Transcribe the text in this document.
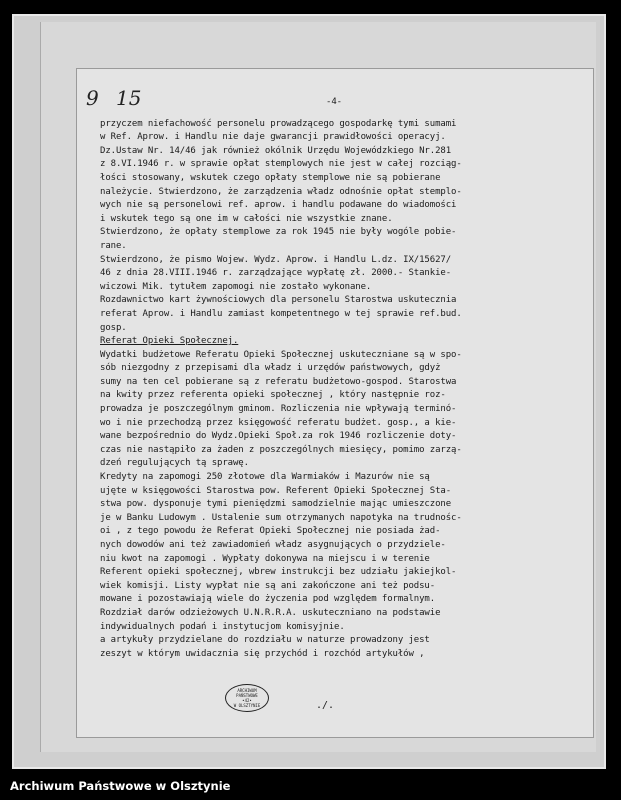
9 15	-4-
przyczem niefachowość personelu prowadzącego gospodarkę tymi sumami
w Ref. Aprow. i Handlu nie daje gwarancji prawidłowości operacyj.
Dz.Ustaw Nr. 14/46 jak również okólnik Urzędu Wojewódzkiego Nr.281
z 8.VI.1946 r. w sprawie opłat stemplowych nie jest w całej rozciąg-
łości stosowany, wskutek czego opłaty stemplowe nie są pobierane
należycie. Stwierdzono, że zarządzenia władz odnośnie opłat stemplo-
wych nie są personelowi ref. aprow. i handlu podawane do wiadomości
i wskutek tego są one im w całości nie wszystkie znane.
Stwierdzono, że opłaty stemplowe za rok 1945 nie były wogóle pobie-
rane.
Stwierdzono, że pismo Wojew. Wydz. Aprow. i Handlu L.dz. IX/15627/
46 z dnia 28.VIII.1946 r. zarządzające wypłatę zł. 2000.- Stankie-
wiczowi Mik. tytułem zapomogi nie zostało wykonane.
Rozdawnictwo kart żywnościowych dla personelu Starostwa uskutecznia
referat Aprow. i Handlu zamiast kompetentnego w tej sprawie ref.bud.
gosp.
Referat Opieki Społecznej.
Wydatki budżetowe Referatu Opieki Społecznej uskuteczniane są w spo-
sób niezgodny z przepisami dla władz i urzędów państwowych, gdyż
sumy na ten cel pobierane są z referatu budżetowo-gospod. Starostwa
na kwity przez referenta opieki społecznej , który następnie roz-
prowadza je poszczególnym gminom. Rozliczenia nie wpływają terminó-
wo i nie przechodzą przez księgowość referatu budżet. gosp., a kie-
wane bezpośrednio do Wydz.Opieki Społ.za rok 1946 rozliczenie doty-
czas nie nastąpiło za żaden z poszczególnych miesięcy, pomimo zarzą-
dzeń regulujących tą sprawę.
Kredyty na zapomogi 250 złotowe dla Warmiaków i Mazurów nie są
ujęte w księgowości Starostwa pow. Referent Opieki Społecznej Sta-
stwa pow. dysponuje tymi pieniędzmi samodzielnie mając umieszczone
je w Banku Ludowym . Ustalenie sum otrzymanych napotyka na trudnośc-
oi , z tego powodu że Referat Opieki Społecznej nie posiada żad-
nych dowodów ani też zawiadomień władz asygnujących o przydziele-
niu kwot na zapomogi . Wypłaty dokonywa na miejscu i w terenie
Referent opieki społecznej, wbrew instrukcji bez udziału jakiejkol-
wiek komisji. Listy wypłat nie są ani zakończone ani też podsu-
mowane i pozostawiają wiele do życzenia pod względem formalnym.
Rozdział darów odzieżowych U.N.R.R.A. uskuteczniano na podstawie
indywidualnych podań i instytucjom komisyjnie.
a artykuły przydzielane do rozdziału w naturze prowadzony jest
zeszyt w którym uwidacznia się przychód i rozchód artykułów ,
ARCHIWUM PAŃSTWOWE
•42•
W OLSZTYNIE	./.
Archiwum Państwowe w Olsztynie
